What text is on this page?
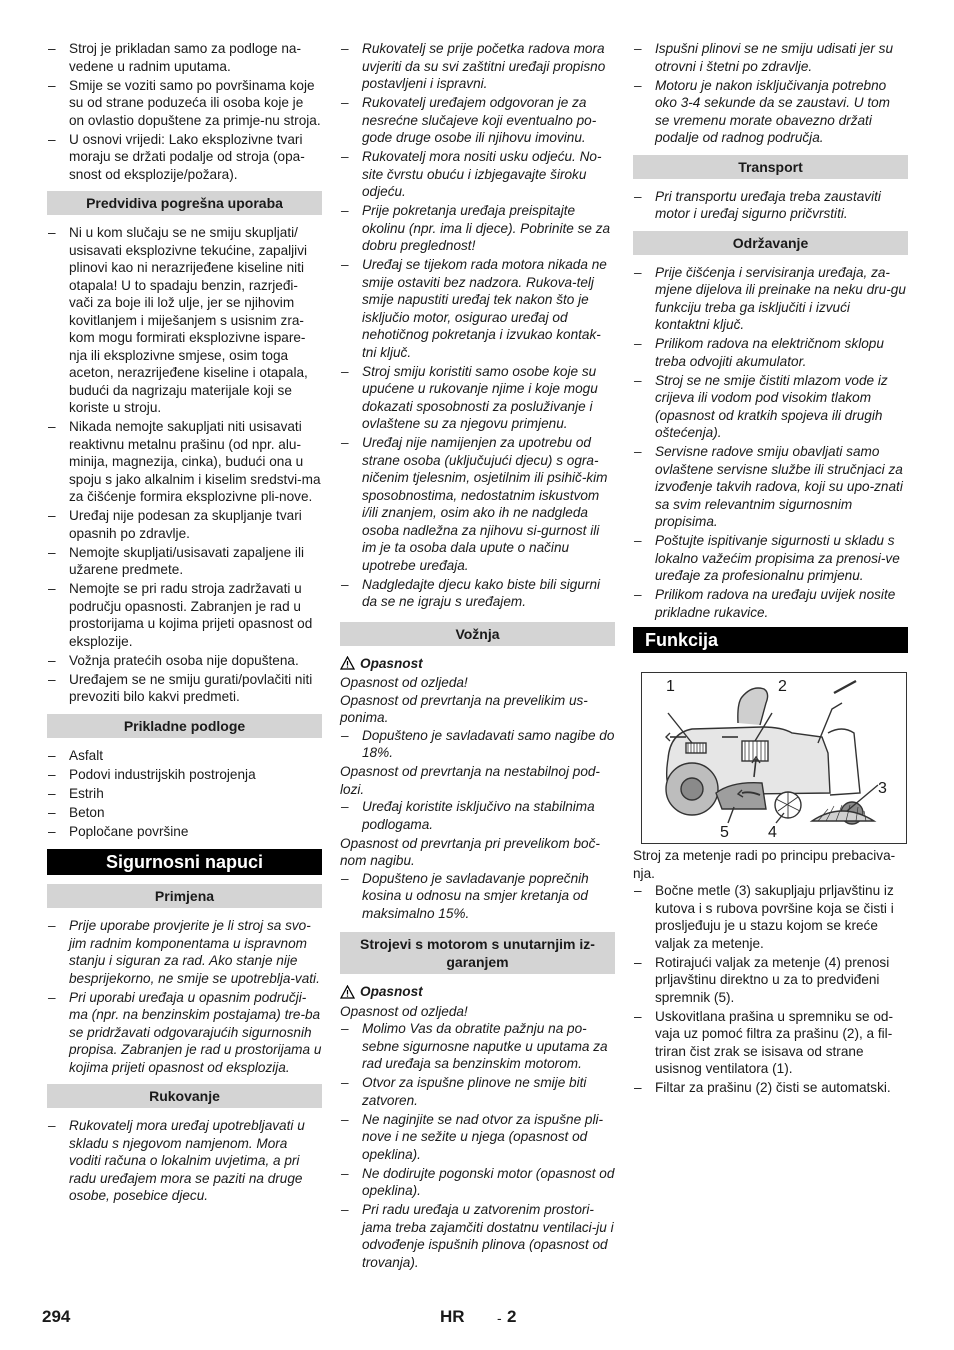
– Stroj je prikladan samo za podloge na-vedene u radnim uputama.
– Smije se voziti samo po površinama koje su od strane poduzeća ili osoba koje je on ovlastio dopuštene za primje-nu stroja.
– U osnovi vrijedi: Lako eksplozivne tvari moraju se držati podalje od stroja (opa-snost od eksplozije/požara).
Predvidiva pogrešna uporaba
– Ni u kom slučaju se ne smiju skupljati/ usisavati eksplozivne tekućine, zapaljivi plinovi kao ni nerazrijeđene kiseline niti otapala! U to spadaju benzin, razrjeđi-vači za boje ili lož ulje, jer se njihovim kovitlanjem i miješanjem s usisnim zra-kom mogu formirati eksplozivne ispare-nja ili eksplozivne smjese, osim toga aceton, nerazrijeđene kiseline i otapala, budući da nagrizaju materijale koji se koriste u stroju.
– Nikada nemojte sakupljati niti usisavati reaktivnu metalnu prašinu (od npr. alu-minija, magnezija, cinka), budući ona u spoju s jako alkalnim i kiselim sredstvi-ma za čišćenje formira eksplozivne pli-nove.
– Uređaj nije podesan za skupljanje tvari opasnih po zdravlje.
– Nemojte skupljati/usisavati zapaljene ili užarene predmete.
– Nemojte se pri radu stroja zadržavati u području opasnosti. Zabranjen je rad u prostorijama u kojima prijeti opasnost od eksplozije.
– Vožnja pratećih osoba nije dopuštena.
– Uređajem se ne smiju gurati/povlačiti niti prevoziti bilo kakvi predmeti.
Prikladne podloge
– Asfalt
– Podovi industrijskih postrojenja
– Estrih
– Beton
– Popločane površine
Sigurnosni napuci
Primjena
– Prije uporabe provjerite je li stroj sa svo-jim radnim komponentama u ispravnom stanju i siguran za rad. Ako stanje nije besprijekorno, ne smije se upotreblja-vati.
– Pri uporabi uređaja u opasnim područji-ma (npr. na benzinskim postajama) tre-ba se pridržavati odgovarajućih sigurnosnih propisa. Zabranjen je rad u prostorijama u kojima prijeti opasnost od eksplozija.
Rukovanje
– Rukovatelj mora uređaj upotrebljavati u skladu s njegovom namjenom. Mora voditi računa o lokalnim uvjetima, a pri radu uređajem mora se paziti na druge osobe, posebice djecu.
– Rukovatelj se prije početka radova mora uvjeriti da su svi zaštitni uređaji propisno postavljeni i ispravni.
– Rukovatelj uređajem odgovoran je za nesrećne slučajeve koji eventualno po-gode druge osobe ili njihovu imovinu.
– Rukovatelj mora nositi usku odjeću. No-site čvrstu obuću i izbjegavajte široku odjeću.
– Prije pokretanja uređaja preispitajte okolinu (npr. ima li djece). Pobrinite se za dobru preglednost!
– Uređaj se tijekom rada motora nikada ne smije ostaviti bez nadzora. Rukova-telj smije napustiti uređaj tek nakon što je isključio motor, osigurao uređaj od nehotičnog pokretanja i izvukao kontak-tni ključ.
– Stroj smiju koristiti samo osobe koje su upućene u rukovanje njime i koje mogu dokazati sposobnosti za posluživanje i ovlaštene su za njegovu primjenu.
– Uređaj nije namijenjen za upotrebu od strane osoba (uključujući djecu) s ogra-ničenim tjelesnim, osjetilnim ili psihič-kim sposobnostima, nedostatnim iskustvom i/ili znanjem, osim ako ih ne nadgleda osoba nadležna za njihovu si-gurnost ili im je ta osoba dala upute o načinu upotrebe uređaja.
– Nadgledajte djecu kako biste bili sigurni da se ne igraju s uređajem.
Vožnja
Opasnost

Opasnost od ozljeda!

Opasnost od prevrtanja na prevelikim us-ponima.

– Dopušteno je savladavati samo nagibe do 18%.

Opasnost od prevrtanja na nestabilnoj pod-lozi.

– Uređaj koristite isključivo na stabilnima podlogama.

Opasnost od prevrtanja pri prevelikom boč-nom nagibu.

– Dopušteno je savladavanje poprečnih kosina u odnosu na smjer kretanja od maksimalno 15%.
Strojevi s motorom s unutarnjim iz-garanjem
Opasnost

Opasnost od ozljeda!

– Molimo Vas da obratite pažnju na po-sebne sigurnosne naputke u uputama za rad uređaja sa benzinskim motorom.
– Otvor za ispušne plinove ne smije biti zatvoren.
– Ne naginjite se nad otvor za ispušne pli-nove i ne sežite u njega (opasnost od opeklina).
– Ne dodirujte pogonski motor (opasnost od opeklina).
– Pri radu uređaja u zatvorenim prostori-jama treba zajamčiti dostatnu ventilaci-ju i odvođenje ispušnih plinova (opasnost od trovanja).
– Ispušni plinovi se ne smiju udisati jer su otrovni i štetni po zdravlje.
– Motoru je nakon isključivanja potrebno oko 3-4 sekunde da se zaustavi. U tom se vremenu morate obavezno držati podalje od radnog područja.
Transport
– Pri transportu uređaja treba zaustaviti motor i uređaj sigurno pričvrstiti.
Održavanje
– Prije čišćenja i servisiranja uređaja, za-mjene dijelova ili preinake na neku dru-gu funkciju treba ga isključiti i izvući kontaktni ključ.
– Prilikom radova na električnom sklopu treba odvojiti akumulator.
– Stroj se ne smije čistiti mlazom vode iz crijeva ili vodom pod visokim tlakom (opasnost od kratkih spojeva ili drugih oštećenja).
– Servisne radove smiju obavljati samo ovlaštene servisne službe ili stručnjaci za izvođenje takvih radova, koji su upo-znati sa svim relevantnim sigurnosnim propisima.
– Poštujte ispitivanje sigurnosti u skladu s lokalno važećim propisima za prenosi-ve uređaje za profesionalnu primjenu.
– Prilikom radova na uređaju uvijek nosite prikladne rukavice.
Funkcija
1	2
3
4
5

Stroj za metenje radi po principu prebaciva-nja.

– Bočne metle (3) sakupljaju prljavštinu iz kutova i s rubova površine koja se čisti i prosljeđuju je u stazu kojom se kreće valjak za metenje.
– Rotirajući valjak za metenje (4) prenosi prljavštinu direktno u za to predviđeni spremnik (5).
– Uskovitlana prašina u spremniku se od-vaja uz pomoć filtra za prašinu (2), a fil-triran čist zrak se isisava od strane usisnog ventilatora (1).
– Filtar za prašinu (2) čisti se automatski.
294	HR - 2
